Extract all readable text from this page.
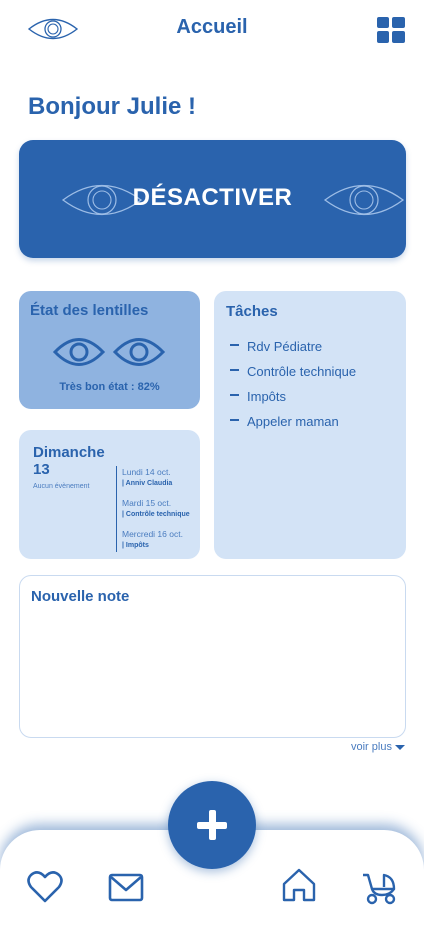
Accueil
Bonjour Julie !
DÉSACTIVER
État des lentilles
Très bon état : 82%
Tâches
Rdv Pédiatre
Contrôle technique
Impôts
Appeler maman
Dimanche
13
Aucun évènement
Lundi 14 oct.
| Anniv Claudia
Mardi 15 oct.
| Contrôle technique
Mercredi 16 oct.
| Impôts
Nouvelle note
voir plus
